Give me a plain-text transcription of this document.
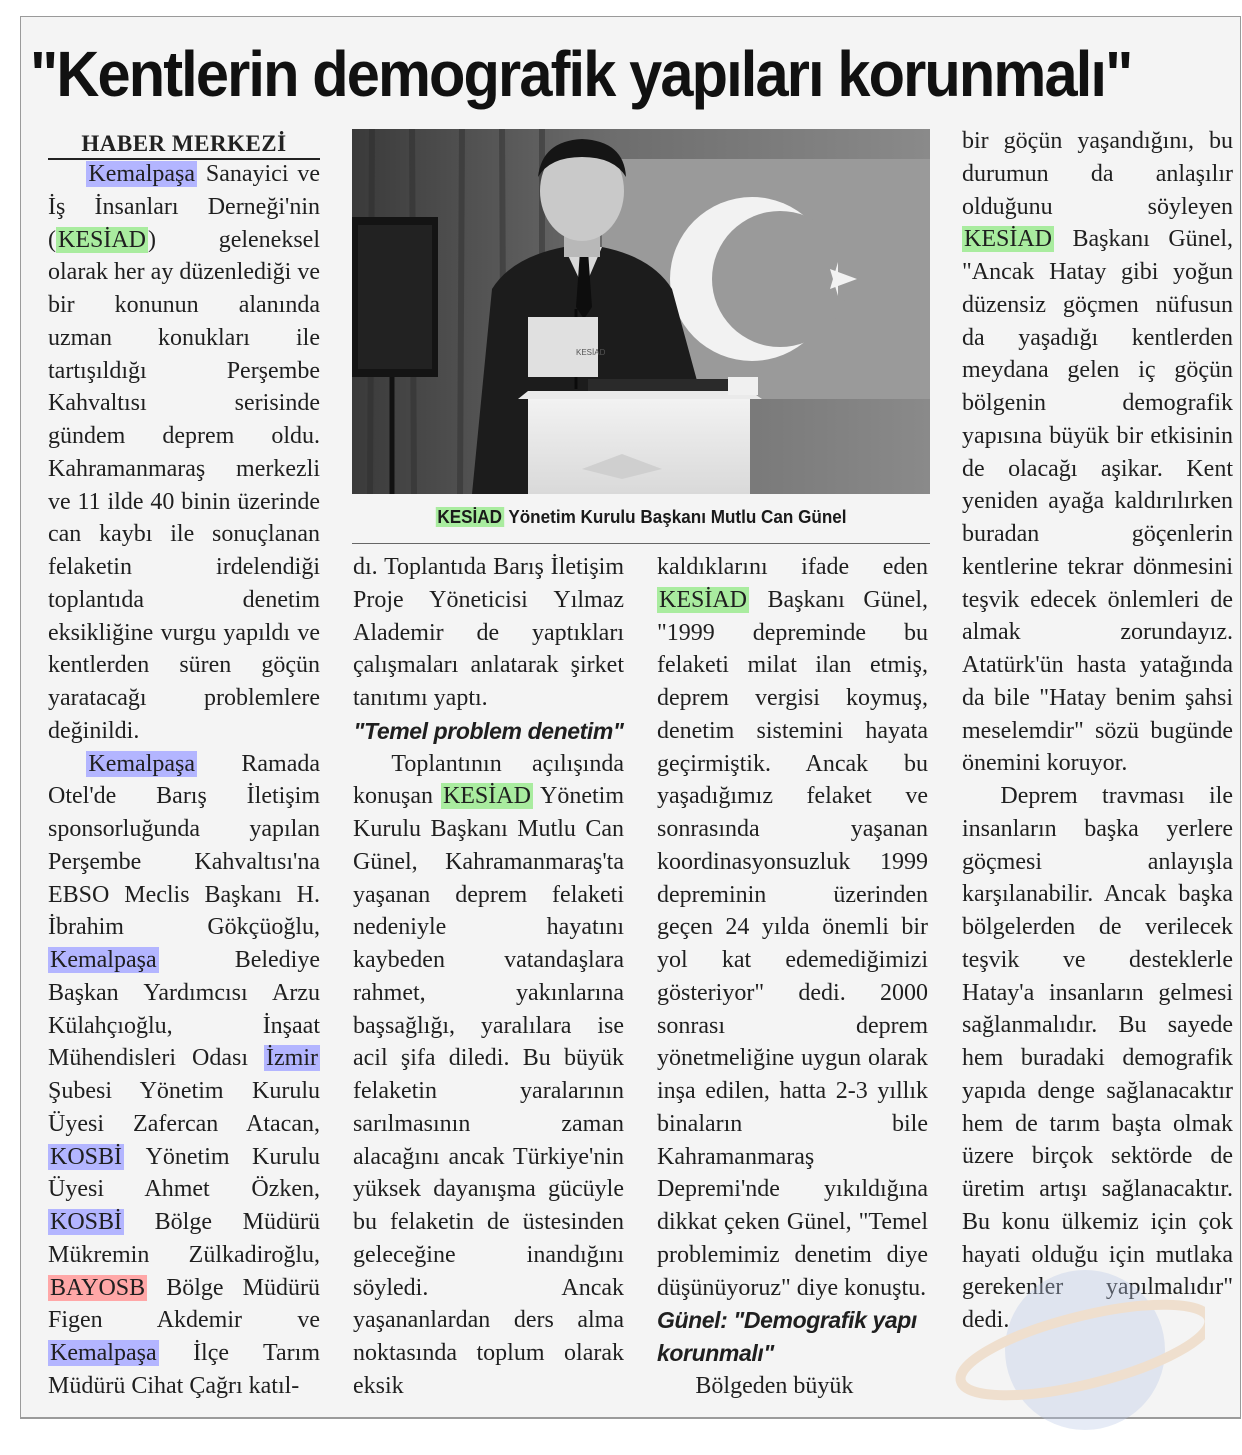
"Kentlerin demografik yapıları korunmalı"
HABER MERKEZİ
KESİAD
KESİAD Yönetim Kurulu Başkanı Mutlu Can Günel

Kemalpaşa Sanayici ve İş İnsanları Derneği'nin (KESİAD) geleneksel olarak her ay düzenlediği ve bir konunun alanında uzman konukları ile tartışıldığı Perşembe Kahvaltısı serisinde gündem deprem oldu. Kahramanmaraş merkezli ve 11 ilde 40 binin üzerinde can kaybı ile sonuçlanan felaketin irdelendiği toplantıda denetim eksikliğine vurgu yapıldı ve kentlerden süren göçün yaratacağı problemlere değinildi.

Kemalpaşa Ramada Otel'de Barış İletişim sponsorluğunda yapılan Perşembe Kahvaltısı'na EBSO Meclis Başkanı H. İbrahim Gökçüoğlu, Kemalpaşa Belediye Başkan Yardımcısı Arzu Külahçıoğlu, İnşaat Mühendisleri Odası İzmir Şubesi Yönetim Kurulu Üyesi Zafercan Atacan, KOSBİ Yönetim Kurulu Üyesi Ahmet Özken, KOSBİ Bölge Müdürü Mükremin Zülkadiroğlu, BAYOSB Bölge Müdürü Figen Akdemir ve Kemalpaşa İlçe Tarım Müdürü Cihat Çağrı katıl-

dı. Toplantıda Barış İletişim Proje Yöneticisi Yılmaz Alademir de yaptıkları çalışmaları anlatarak şirket tanıtımı yaptı.

"Temel problem denetim"

Toplantının açılışında konuşan KESİAD Yönetim Kurulu Başkanı Mutlu Can Günel, Kahramanmaraş'ta yaşanan deprem felaketi nedeniyle hayatını kaybeden vatandaşlara rahmet, yakınlarına başsağlığı, yaralılara ise acil şifa diledi. Bu büyük felaketin yaralarının sarılmasının zaman alacağını ancak Türkiye'nin yüksek dayanışma gücüyle bu felaketin de üstesinden geleceğine inandığını söyledi. Ancak yaşananlardan ders alma noktasında toplum olarak eksik

kaldıklarını ifade eden KESİAD Başkanı Günel, "1999 depreminde bu felaketi milat ilan etmiş, deprem vergisi koymuş, denetim sistemini hayata geçirmiştik. Ancak bu yaşadığımız felaket ve sonrasında yaşanan koordinasyonsuzluk 1999 depreminin üzerinden geçen 24 yılda önemli bir yol kat edemediğimizi gösteriyor" dedi. 2000 sonrası deprem yönetmeliğine uygun olarak inşa edilen, hatta 2-3 yıllık binaların bile Kahramanmaraş Depremi'nde yıkıldığına dikkat çeken Günel, "Temel problemimiz denetim diye düşünüyoruz" diye konuştu.

Günel: "Demografik yapı korunmalı"

Bölgeden büyük

bir göçün yaşandığını, bu durumun da anlaşılır olduğunu söyleyen KESİAD Başkanı Günel, "Ancak Hatay gibi yoğun düzensiz göçmen nüfusun da yaşadığı kentlerden meydana gelen iç göçün bölgenin demografik yapısına büyük bir etkisinin de olacağı aşikar. Kent yeniden ayağa kaldırılırken buradan göçenlerin kentlerine tekrar dönmesini teşvik edecek önlemleri de almak zorundayız. Atatürk'ün hasta yatağında da bile "Hatay benim şahsi meselemdir" sözü bugünde önemini koruyor.

Deprem travması ile insanların başka yerlere göçmesi anlayışla karşılanabilir. Ancak başka bölgelerden de verilecek teşvik ve desteklerle Hatay'a insanların gelmesi sağlanmalıdır. Bu sayede hem buradaki demografik yapıda denge sağlanacaktır hem de tarım başta olmak üzere birçok sektörde de üretim artışı sağlanacaktır. Bu konu ülkemiz için çok hayati olduğu için mutlaka gerekenler yapılmalıdır" dedi.
